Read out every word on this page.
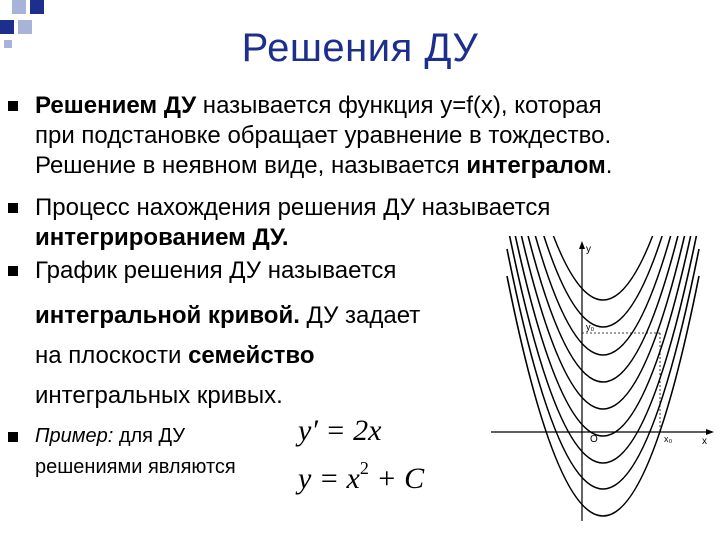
Решения ДУ
Решением ДУ называется функция y=f(x), которая
при подстановке обращает уравнение в тождество.
Решение в неявном виде, называется интегралом.
Процесс нахождения решения ДУ называется
интегрированием ДУ.
График решения ДУ называется
интегральной кривой. ДУ задает
на плоскости семейство
интегральных кривых.
Пример: для ДУ
решениями являются
y′ = 2x
$y = x^2 + C$
y
x
O
y₀
x₀
